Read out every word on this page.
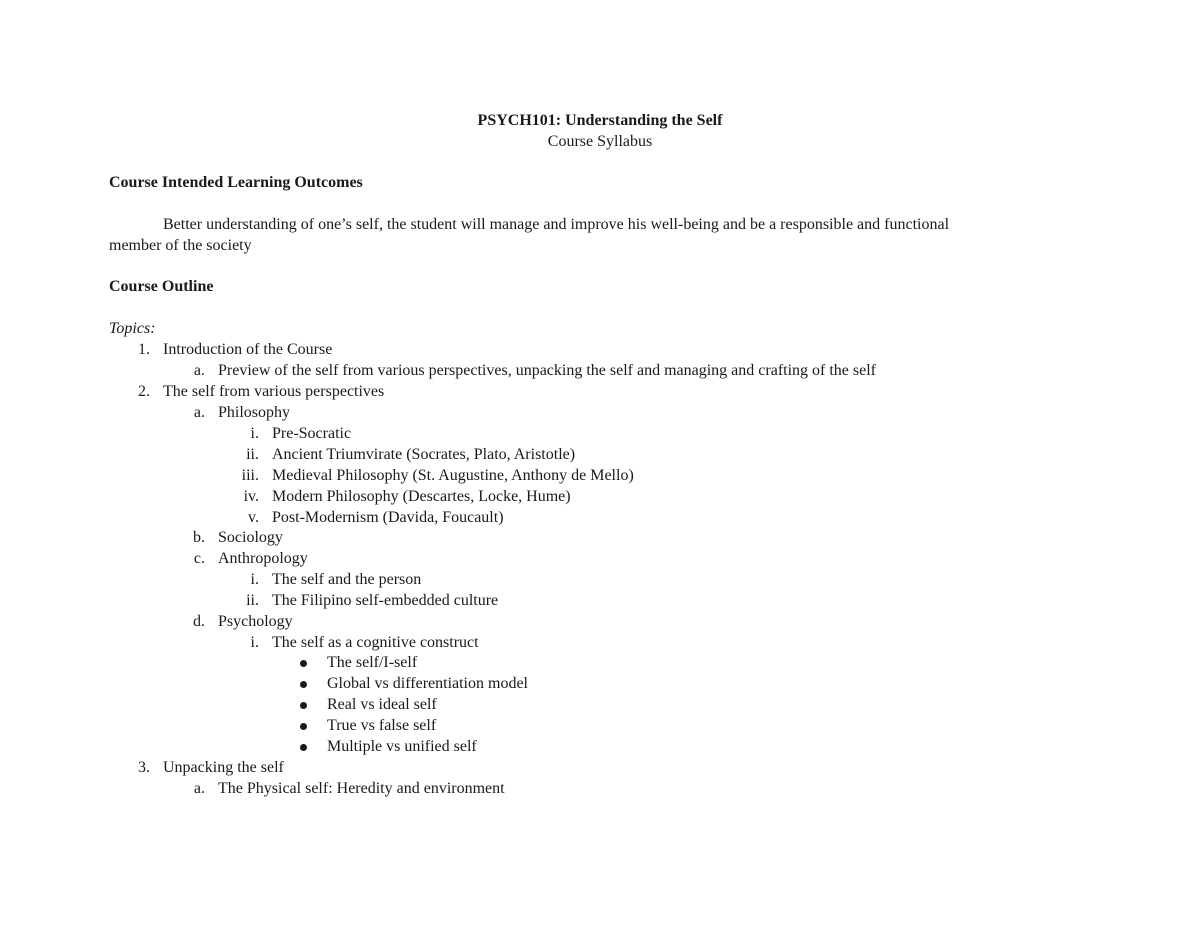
PSYCH101: Understanding the Self
Course Syllabus
Course Intended Learning Outcomes
Better understanding of one’s self, the student will manage and improve his well-being and be a responsible and functional
member of the society
Course Outline
Topics:
1. Introduction of the Course
a. Preview of the self from various perspectives, unpacking the self and managing and crafting of the self
2. The self from various perspectives
a. Philosophy
i. Pre-Socratic
ii. Ancient Triumvirate (Socrates, Plato, Aristotle)
iii. Medieval Philosophy (St. Augustine, Anthony de Mello)
iv. Modern Philosophy (Descartes, Locke, Hume)
v. Post-Modernism (Davida, Foucault)
b. Sociology
c. Anthropology
i. The self and the person
ii. The Filipino self-embedded culture
d. Psychology
i. The self as a cognitive construct
The self/I-self
Global vs differentiation model
Real vs ideal self
True vs false self
Multiple vs unified self
3. Unpacking the self
a. The Physical self: Heredity and environment
